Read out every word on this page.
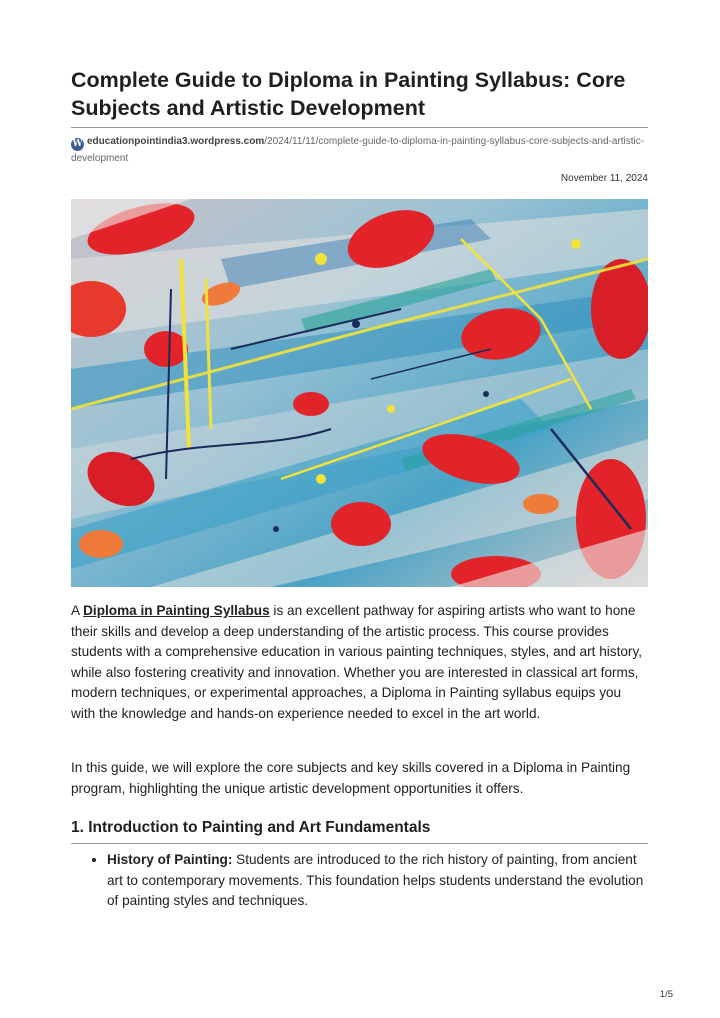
Complete Guide to Diploma in Painting Syllabus: Core Subjects and Artistic Development
W educationpointindia3.wordpress.com/2024/11/11/complete-guide-to-diploma-in-painting-syllabus-core-subjects-and-artistic-development
November 11, 2024

A Diploma in Painting Syllabus is an excellent pathway for aspiring artists who want to hone their skills and develop a deep understanding of the artistic process. This course provides students with a comprehensive education in various painting techniques, styles, and art history, while also fostering creativity and innovation. Whether you are interested in classical art forms, modern techniques, or experimental approaches, a Diploma in Painting syllabus equips you with the knowledge and hands-on experience needed to excel in the art world.

In this guide, we will explore the core subjects and key skills covered in a Diploma in Painting program, highlighting the unique artistic development opportunities it offers.

1. Introduction to Painting and Art Fundamentals
• History of Painting: Students are introduced to the rich history of painting, from ancient art to contemporary movements. This foundation helps students understand the evolution of painting styles and techniques.
1/5
